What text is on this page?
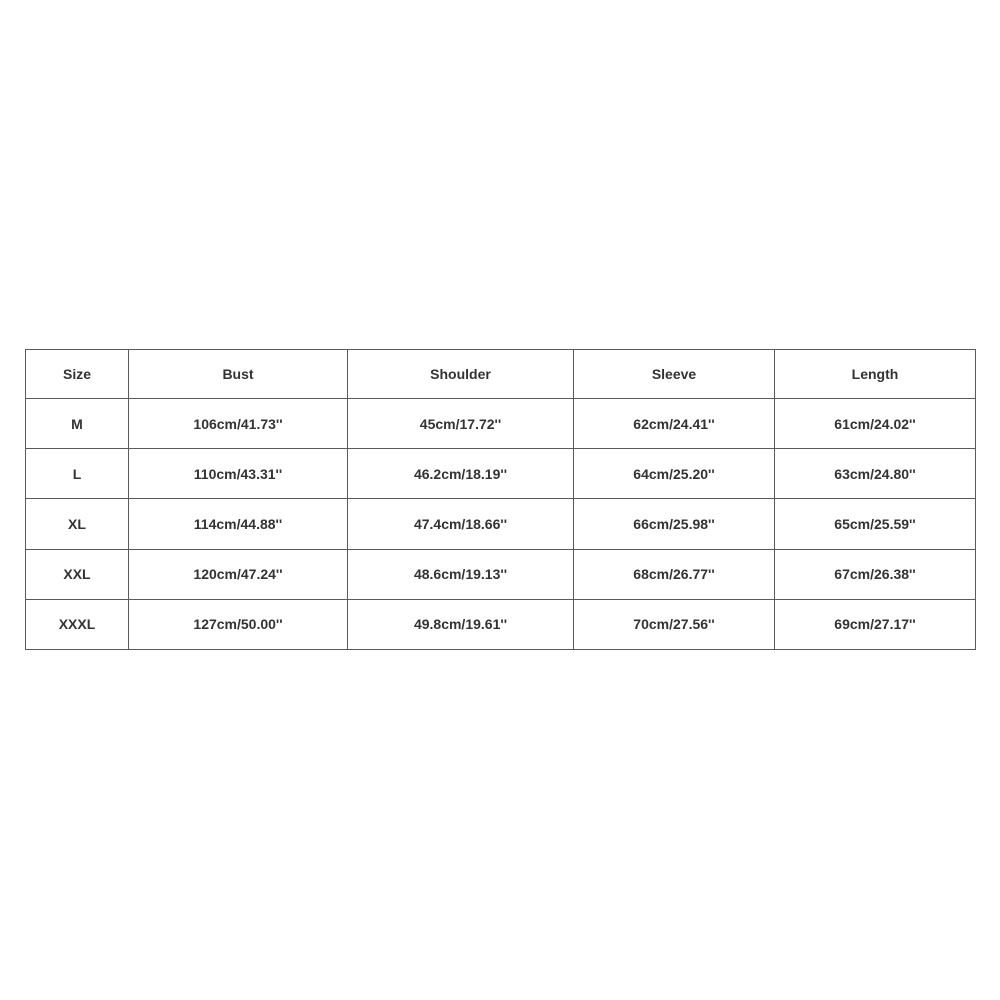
Size	Bust	Shoulder	Sleeve	Length
M	106cm/41.73''	45cm/17.72''	62cm/24.41''	61cm/24.02''
L	110cm/43.31''	46.2cm/18.19''	64cm/25.20''	63cm/24.80''
XL	114cm/44.88''	47.4cm/18.66''	66cm/25.98''	65cm/25.59''
XXL	120cm/47.24''	48.6cm/19.13''	68cm/26.77''	67cm/26.38''
XXXL	127cm/50.00''	49.8cm/19.61''	70cm/27.56''	69cm/27.17''
